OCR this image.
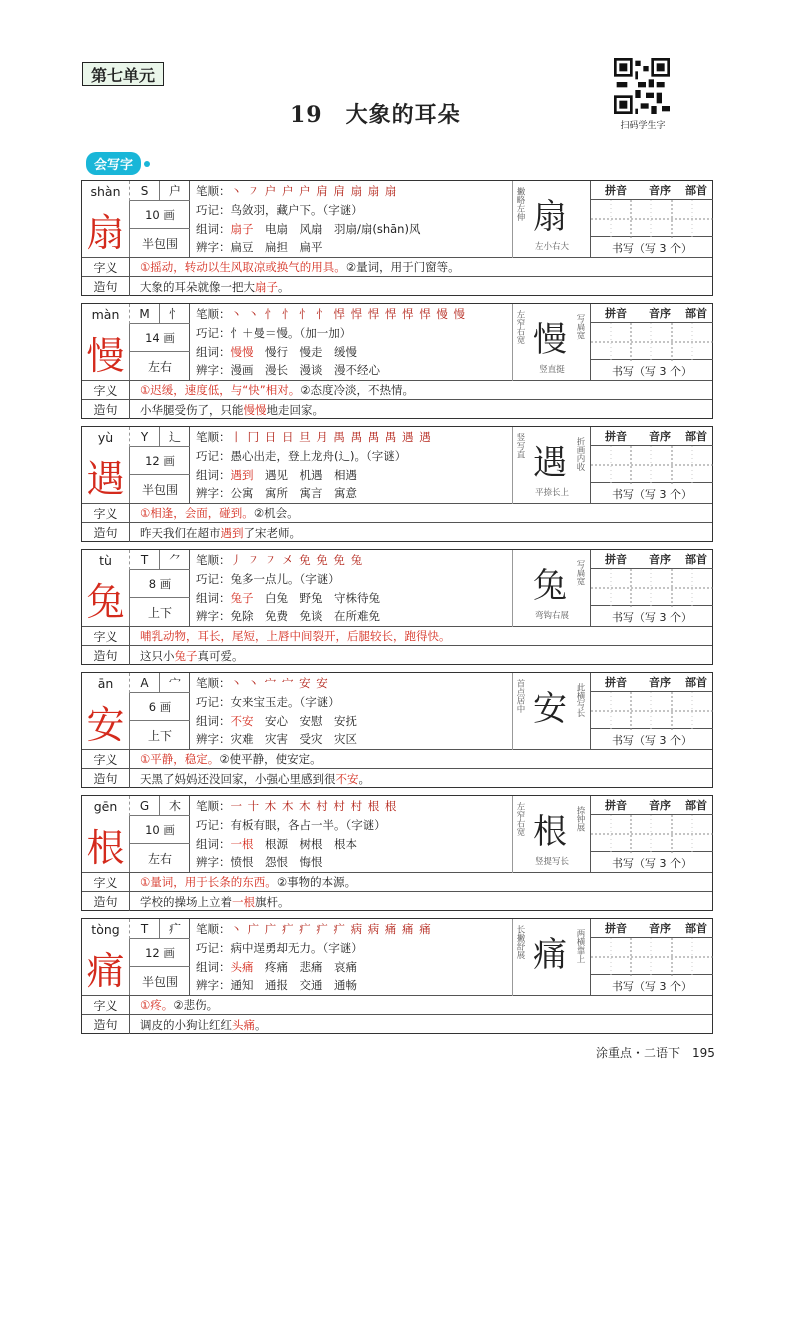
第七单元
19　大象的耳朵	扫码学生字
会写字
shàn
扇
S	户
10 画
半包围
笔顺：丶 ㇇ 户 户 户 肩 肩 扇 扇 扇
巧记：鸟敛羽，藏户下。（字谜）
组词：扇子　 电扇　风扇　羽扇/扇(shān)风
辨字：扁豆　扁担　扁平
撇略左伸 扇
左小右大
拼音	音序	部首
书写（写 3 个）
字义	①摇动，转动以生风取凉或换气的用具。②量词，用于门窗等。
造句	大象的耳朵就像一把大扇子。
màn
慢
M	忄
14 画
左右
笔顺：丶 丶 忄 忄 忄 忄 悍 悍 悍 悍 悍 悍 慢 慢
巧记：忄＋曼＝慢。（加一加）
组词：慢慢　 慢行　慢走　缓慢
辨字：漫画　漫长　漫谈　漫不经心
左窄右宽 慢 写扁宽
竖直挺
拼音	音序	部首
书写（写 3 个）
字义	①迟缓，速度低，与“快”相对。②态度冷淡，不热情。
造句	小华腿受伤了，只能慢慢地走回家。
yù
遇
Y	辶
12 画
半包围
笔顺：丨 冂 日 日 旦 月 禺 禺 禺 禺 遇 遇
巧记：愚心出走，登上龙舟(辶)。（字谜）
组词：遇到　 遇见　机遇　相遇
辨字：公寓　寓所　寓言　寓意
竖写直 遇 折画内收
平捺长上
拼音	音序	部首
书写（写 3 个）
字义	①相逢，会面，碰到。②机会。
造句	昨天我们在超市遇到了宋老师。
tù
兔
T	⺈
8 画
上下
笔顺：丿 ㇇ ㇇ 㐅 免 免 免 兔
巧记：兔多一点儿。（字谜）
组词：兔子　 白兔　野兔　守株待兔
辨字：免除　免费　免谈　在所难免
兔 写扁宽
弯钩右展
拼音	音序	部首
书写（写 3 个）
字义	哺乳动物，耳长，尾短，上唇中间裂开，后腿较长，跑得快。
造句	这只小兔子真可爱。
ān
安
A	宀
6 画
上下
笔顺：丶 丶 宀 宀 安 安
巧记：女来宝玉走。（字谜）
组词：不安　 安心　安慰　安抚
辨字：灾难　灾害　受灾　灾区
首点居中 安 此横写长
拼音	音序	部首
书写（写 3 个）
字义	①平静，稳定。②使平静，使安定。
造句	天黑了妈妈还没回家，小强心里感到很不安。
gēn
根
G	木
10 画
左右
笔顺：一 十 木 木 木 村 村 村 根 根
巧记：有板有眼，各占一半。（字谜）
组词：一根　 根源　树根　根本
辨字：愤恨　怨恨　悔恨
左窄右宽 根 捺钟展
竖提写长
拼音	音序	部首
书写（写 3 个）
字义	①量词，用于长条的东西。②事物的本源。
造句	学校的操场上立着一根旗杆。
tòng
痛
T	疒
12 画
半包围
笔顺：丶 广 广 疒 疒 疒 疒 病 病 痛 痛 痛
巧记：病中逞勇却无力。（字谜）
组词：头痛　 疼痛　悲痛　哀痛
辨字：通知　通报　交通　通畅
长撇舒展 痛 两横靠上
拼音	音序	部首
书写（写 3 个）
字义	①疼。②悲伤。
造句	调皮的小狗让红红头痛。
涂重点・二语下　195
